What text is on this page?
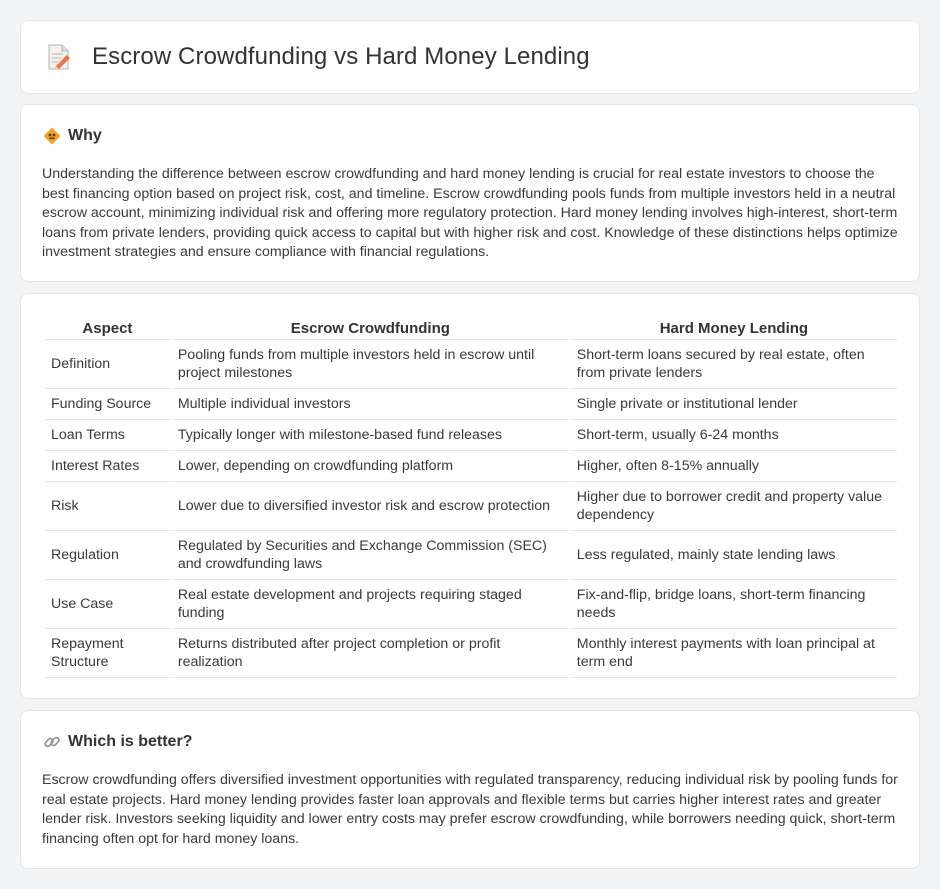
Escrow Crowdfunding vs Hard Money Lending
Why

Understanding the difference between escrow crowdfunding and hard money lending is crucial for real estate investors to choose the best financing option based on project risk, cost, and timeline. Escrow crowdfunding pools funds from multiple investors held in a neutral escrow account, minimizing individual risk and offering more regulatory protection. Hard money lending involves high-interest, short-term loans from private lenders, providing quick access to capital but with higher risk and cost. Knowledge of these distinctions helps optimize investment strategies and ensure compliance with financial regulations.

Aspect	Escrow Crowdfunding	Hard Money Lending
Definition	Pooling funds from multiple investors held in escrow until project milestones	Short-term loans secured by real estate, often from private lenders
Funding Source	Multiple individual investors	Single private or institutional lender
Loan Terms	Typically longer with milestone-based fund releases	Short-term, usually 6-24 months
Interest Rates	Lower, depending on crowdfunding platform	Higher, often 8-15% annually
Risk	Lower due to diversified investor risk and escrow protection	Higher due to borrower credit and property value dependency
Regulation	Regulated by Securities and Exchange Commission (SEC) and crowdfunding laws	Less regulated, mainly state lending laws
Use Case	Real estate development and projects requiring staged funding	Fix-and-flip, bridge loans, short-term financing needs
Repayment Structure	Returns distributed after project completion or profit realization	Monthly interest payments with loan principal at term end
Which is better?

Escrow crowdfunding offers diversified investment opportunities with regulated transparency, reducing individual risk by pooling funds for real estate projects. Hard money lending provides faster loan approvals and flexible terms but carries higher interest rates and greater lender risk. Investors seeking liquidity and lower entry costs may prefer escrow crowdfunding, while borrowers needing quick, short-term financing often opt for hard money loans.
